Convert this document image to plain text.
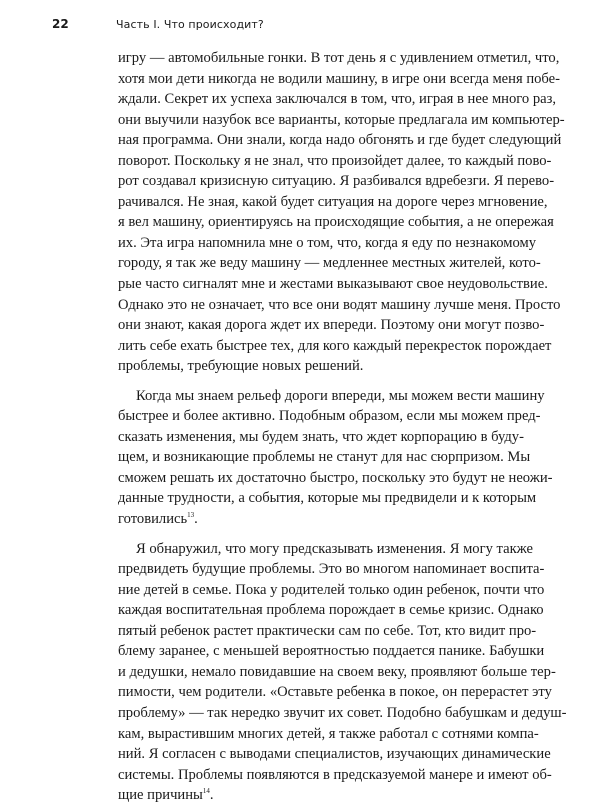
22	Часть I. Что происходит?
игру — автомобильные гонки. В тот день я с удивлением отметил, что,
хотя мои дети никогда не водили машину, в игре они всегда меня побе-
ждали. Секрет их успеха заключался в том, что, играя в нее много раз,
они выучили назубок все варианты, которые предлагала им компьютер-
ная программа. Они знали, когда надо обгонять и где будет следующий
поворот. Поскольку я не знал, что произойдет далее, то каждый пово-
рот создавал кризисную ситуацию. Я разбивался вдребезги. Я перево-
рачивался. Не зная, какой будет ситуация на дороге через мгновение,
я вел машину, ориентируясь на происходящие события, а не опережая
их. Эта игра напомнила мне о том, что, когда я еду по незнакомому
городу, я так же веду машину — медленнее местных жителей, кото-
рые часто сигналят мне и жестами выказывают свое неудовольствие.
Однако это не означает, что все они водят машину лучше меня. Просто
они знают, какая дорога ждет их впереди. Поэтому они могут позво-
лить себе ехать быстрее тех, для кого каждый перекресток порождает
проблемы, требующие новых решений.
Когда мы знаем рельеф дороги впереди, мы можем вести машину
быстрее и более активно. Подобным образом, если мы можем пред-
сказать изменения, мы будем знать, что ждет корпорацию в буду-
щем, и возникающие проблемы не станут для нас сюрпризом. Мы
сможем решать их достаточно быстро, поскольку это будут не неожи-
данные трудности, а события, которые мы предвидели и к которым
готовились$^{13}$.
Я обнаружил, что могу предсказывать изменения. Я могу также
предвидеть будущие проблемы. Это во многом напоминает воспита-
ние детей в семье. Пока у родителей только один ребенок, почти что
каждая воспитательная проблема порождает в семье кризис. Однако
пятый ребенок растет практически сам по себе. Тот, кто видит про-
блему заранее, с меньшей вероятностью поддается панике. Бабушки
и дедушки, немало повидавшие на своем веку, проявляют больше тер-
пимости, чем родители. «Оставьте ребенка в покое, он перерастет эту
проблему» — так нередко звучит их совет. Подобно бабушкам и дедуш-
кам, вырастившим многих детей, я также работал с сотнями компа-
ний. Я согласен с выводами специалистов, изучающих динамические
системы. Проблемы появляются в предсказуемой манере и имеют об-
щие причины$^{14}$.
